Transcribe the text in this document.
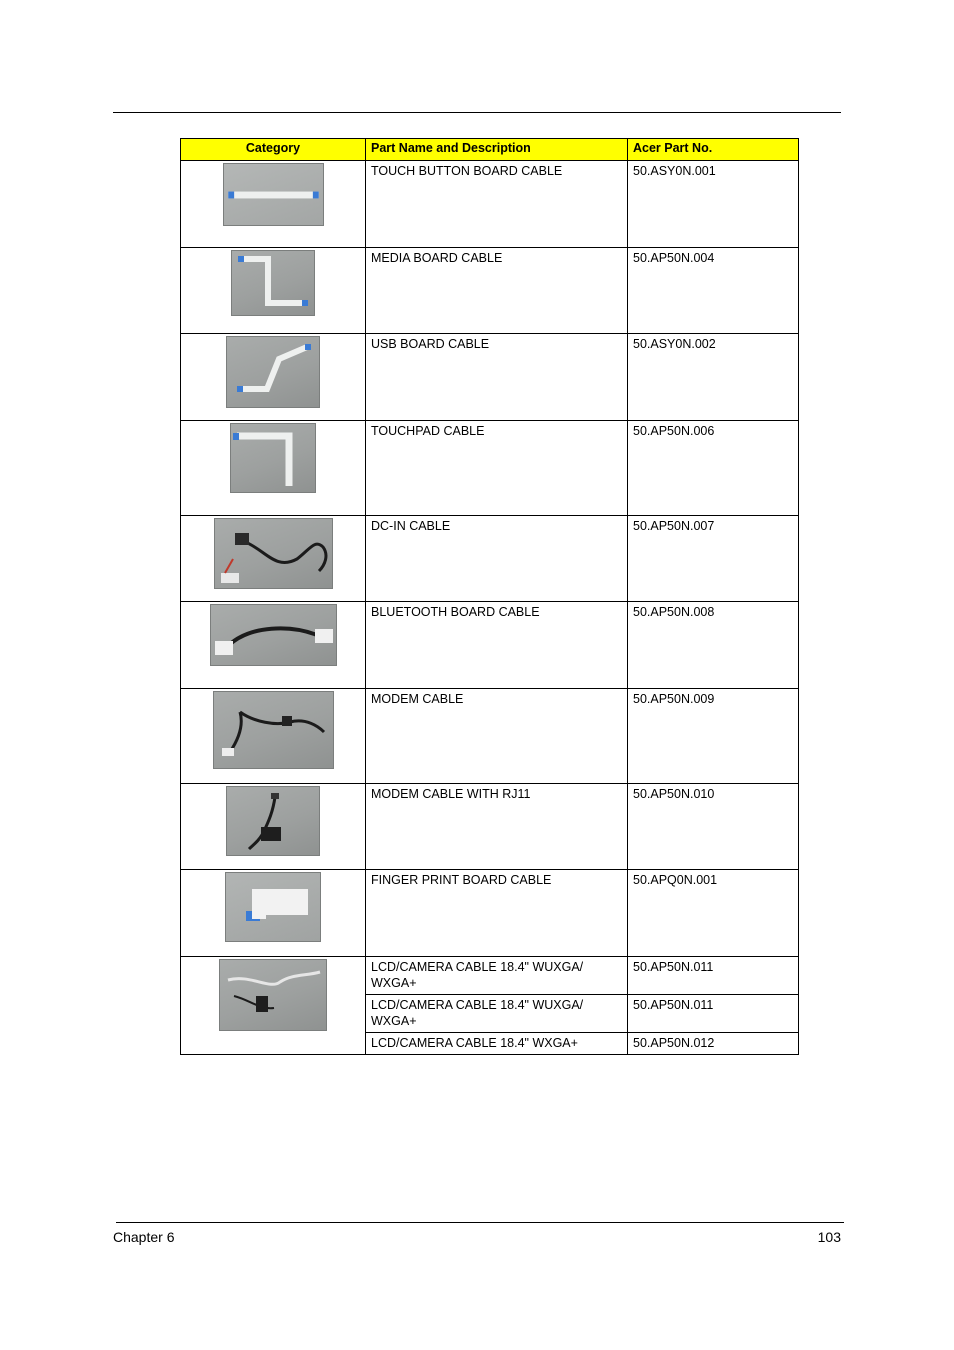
Category	Part Name and Description	Acer Part No.

	TOUCH BUTTON BOARD CABLE	50.ASY0N.001

	MEDIA BOARD CABLE	50.AP50N.004

	USB BOARD CABLE	50.ASY0N.002

	TOUCHPAD CABLE	50.AP50N.006

	DC-IN CABLE	50.AP50N.007

	BLUETOOTH BOARD CABLE	50.AP50N.008

	MODEM CABLE	50.AP50N.009

	MODEM CABLE WITH RJ11	50.AP50N.010

	FINGER PRINT BOARD CABLE	50.APQ0N.001

	LCD/CAMERA CABLE 18.4" WUXGA/ WXGA+	50.AP50N.011
	LCD/CAMERA CABLE 18.4" WUXGA/ WXGA+	50.AP50N.011
	LCD/CAMERA CABLE 18.4" WXGA+	50.AP50N.012
Chapter 6	103
